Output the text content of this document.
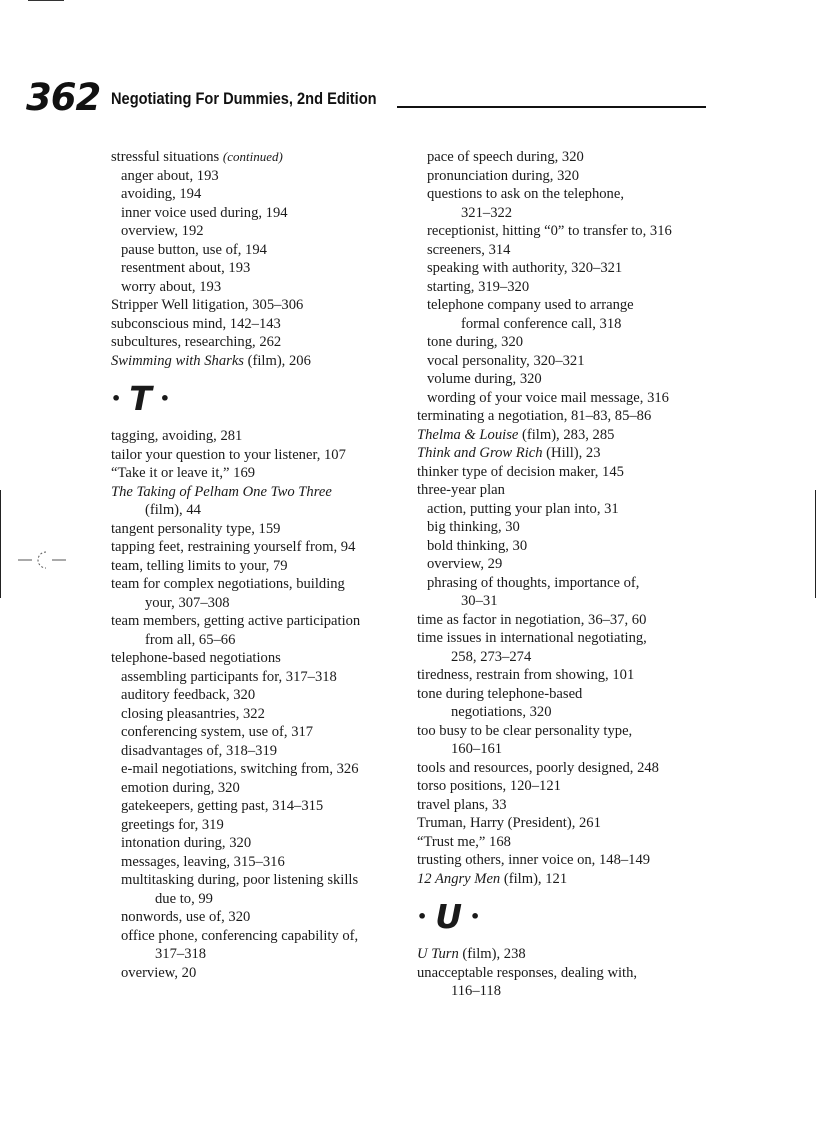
362 Negotiating For Dummies, 2nd Edition

stressful situations (continued)

anger about, 193

avoiding, 194

inner voice used during, 194

overview, 192

pause button, use of, 194

resentment about, 193

worry about, 193

Stripper Well litigation, 305–306

subconscious mind, 142–143

subcultures, researching, 262

Swimming with Sharks (film), 206

• T •

tagging, avoiding, 281

tailor your question to your listener, 107

“Take it or leave it,” 169

The Taking of Pelham One Two Three

(film), 44

tangent personality type, 159

tapping feet, restraining yourself from, 94

team, telling limits to your, 79

team for complex negotiations, building

your, 307–308

team members, getting active participation

from all, 65–66

telephone-based negotiations

assembling participants for, 317–318

auditory feedback, 320

closing pleasantries, 322

conferencing system, use of, 317

disadvantages of, 318–319

e-mail negotiations, switching from, 326

emotion during, 320

gatekeepers, getting past, 314–315

greetings for, 319

intonation during, 320

messages, leaving, 315–316

multitasking during, poor listening skills

due to, 99

nonwords, use of, 320

office phone, conferencing capability of,

317–318

overview, 20

pace of speech during, 320

pronunciation during, 320

questions to ask on the telephone,

321–322

receptionist, hitting “0” to transfer to, 316

screeners, 314

speaking with authority, 320–321

starting, 319–320

telephone company used to arrange

formal conference call, 318

tone during, 320

vocal personality, 320–321

volume during, 320

wording of your voice mail message, 316

terminating a negotiation, 81–83, 85–86

Thelma & Louise (film), 283, 285

Think and Grow Rich (Hill), 23

thinker type of decision maker, 145

three-year plan

action, putting your plan into, 31

big thinking, 30

bold thinking, 30

overview, 29

phrasing of thoughts, importance of,

30–31

time as factor in negotiation, 36–37, 60

time issues in international negotiating,

258, 273–274

tiredness, restrain from showing, 101

tone during telephone-based

negotiations, 320

too busy to be clear personality type,

160–161

tools and resources, poorly designed, 248

torso positions, 120–121

travel plans, 33

Truman, Harry (President), 261

“Trust me,” 168

trusting others, inner voice on, 148–149

12 Angry Men (film), 121

• U •

U Turn (film), 238

unacceptable responses, dealing with,

116–118
